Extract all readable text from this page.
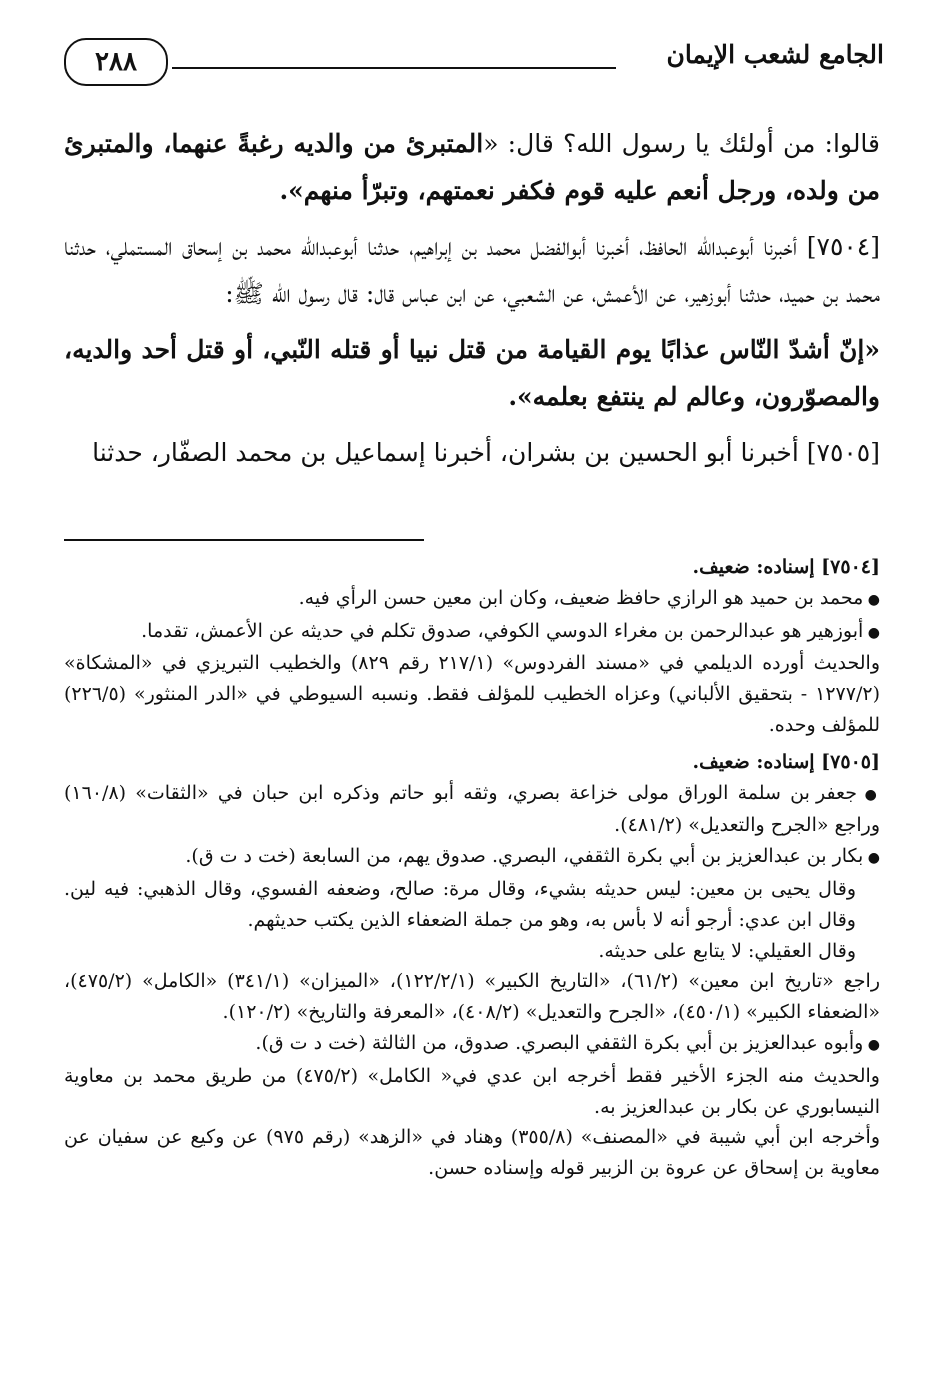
الجامع لشعب الإيمان
٢٨٨

قالوا: من أولئك يا رسول الله؟ قال: «المتبرئ من والديه رغبةً عنهما، والمتبرئ من ولده، ورجل أنعم عليه قوم فكفر نعمتهم، وتبرّأ منهم».

[٧٥٠٤] أخبرنا أبوعبدالله الحافظ، أخبرنا أبوالفضل محمد بن إبراهيم، حدثنا أبوعبدالله محمد بن إسحاق المستملي، حدثنا محمد بن حميد، حدثنا أبوزهير، عن الأعمش، عن الشعبي، عن ابن عباس قال: قال رسول الله ﷺ:

«إنّ أشدّ النّاس عذابًا يوم القيامة من قتل نبيا أو قتله النّبي، أو قتل أحد والديه، والمصوّرون، وعالم لم ينتفع بعلمه».

[٧٥٠٥] أخبرنا أبو الحسين بن بشران، أخبرنا إسماعيل بن محمد الصفّار، حدثنا

[٧٥٠٤] إسناده: ضعيف.

● محمد بن حميد هو الرازي حافظ ضعيف، وكان ابن معين حسن الرأي فيه.

● أبوزهير هو عبدالرحمن بن مغراء الدوسي الكوفي، صدوق تكلم في حديثه عن الأعمش، تقدما.

والحديث أورده الديلمي في «مسند الفردوس» (٢١٧/١ رقم ٨٢٩) والخطيب التبريزي في «المشكاة» (١٢٧٧/٢ - بتحقيق الألباني) وعزاه الخطيب للمؤلف فقط. ونسبه السيوطي في «الدر المنثور» (٢٢٦/٥) للمؤلف وحده.

[٧٥٠٥] إسناده: ضعيف.

● جعفر بن سلمة الوراق مولى خزاعة بصري، وثقه أبو حاتم وذكره ابن حبان في «الثقات» (١٦٠/٨) وراجع «الجرح والتعديل» (٤٨١/٢).

● بكار بن عبدالعزيز بن أبي بكرة الثقفي، البصري. صدوق يهم، من السابعة (خت د ت ق).

وقال يحيى بن معين: ليس حديثه بشيء، وقال مرة: صالح، وضعفه الفسوي، وقال الذهبي: فيه لين. وقال ابن عدي: أرجو أنه لا بأس به، وهو من جملة الضعفاء الذين يكتب حديثهم.

وقال العقيلي: لا يتابع على حديثه.

راجع «تاريخ ابن معين» (٦١/٢)، «التاريخ الكبير» (١٢٢/٢/١)، «الميزان» (٣٤١/١) «الكامل» (٤٧٥/٢)، «الضعفاء الكبير» (٤٥٠/١)، «الجرح والتعديل» (٤٠٨/٢)، «المعرفة والتاريخ» (١٢٠/٢).

● وأبوه عبدالعزيز بن أبي بكرة الثقفي البصري. صدوق، من الثالثة (خت د ت ق).

والحديث منه الجزء الأخير فقط أخرجه ابن عدي في« الكامل» (٤٧٥/٢) من طريق محمد بن معاوية النيسابوري عن بكار بن عبدالعزيز به.

وأخرجه ابن أبي شيبة في «المصنف» (٣٥٥/٨) وهناد في «الزهد» (رقم ٩٧٥) عن وكيع عن سفيان عن معاوية بن إسحاق عن عروة بن الزبير قوله وإسناده حسن.
